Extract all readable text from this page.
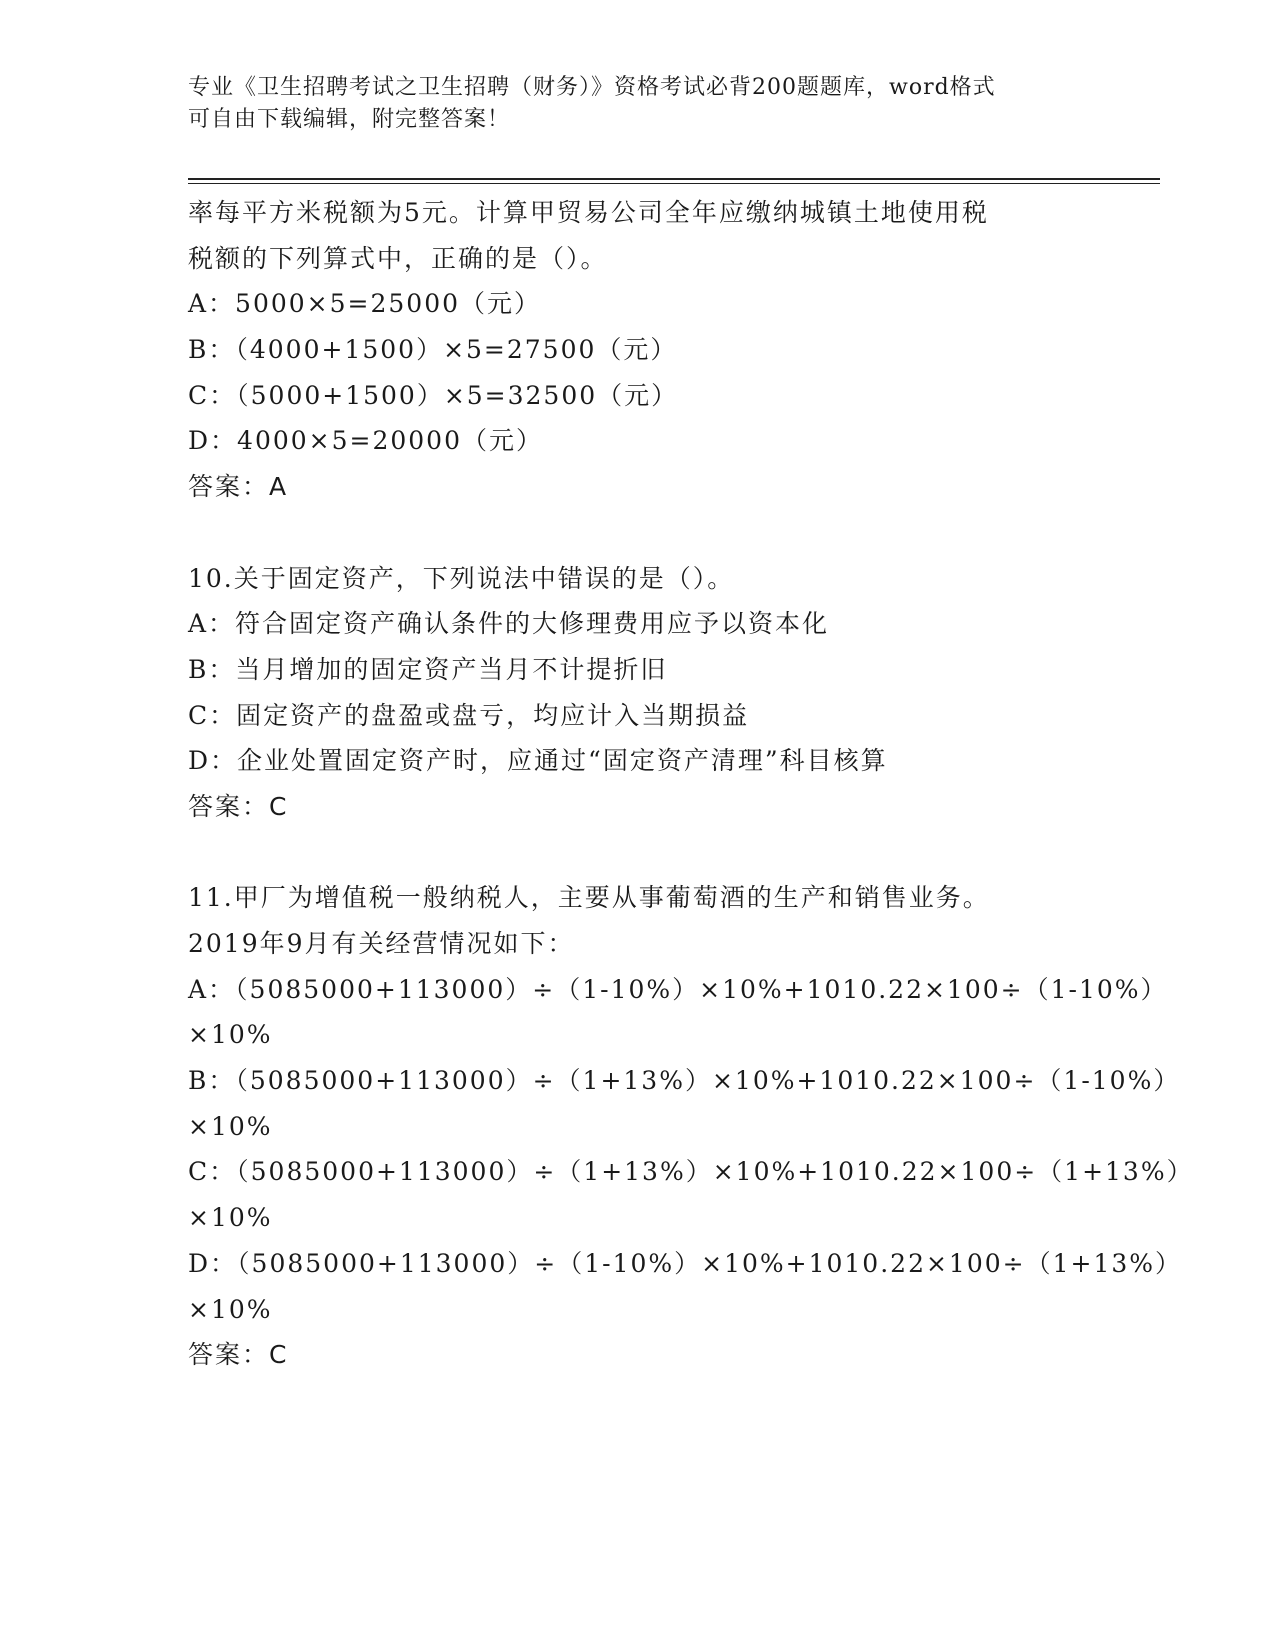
专业《卫生招聘考试之卫生招聘（财务）》资格考试必背200题题库，word格式
可自由下载编辑，附完整答案！
率每平方米税额为5元。计算甲贸易公司全年应缴纳城镇土地使用税
税额的下列算式中，正确的是（）。
A：5000×5=25000（元）
B：（4000+1500）×5=27500（元）
C：（5000+1500）×5=32500（元）
D：4000×5=20000（元）
答案：A
10.关于固定资产，下列说法中错误的是（）。
A：符合固定资产确认条件的大修理费用应予以资本化
B：当月增加的固定资产当月不计提折旧
C：固定资产的盘盈或盘亏，均应计入当期损益
D：企业处置固定资产时，应通过“固定资产清理”科目核算
答案：C
11.甲厂为增值税一般纳税人，主要从事葡萄酒的生产和销售业务。
2019年9月有关经营情况如下：
A：（5085000+113000）÷（1-10%）×10%+1010.22×100÷（1-10%）
×10%
B：（5085000+113000）÷（1+13%）×10%+1010.22×100÷（1-10%）
×10%
C：（5085000+113000）÷（1+13%）×10%+1010.22×100÷（1+13%）
×10%
D：（5085000+113000）÷（1-10%）×10%+1010.22×100÷（1+13%）
×10%
答案：C
